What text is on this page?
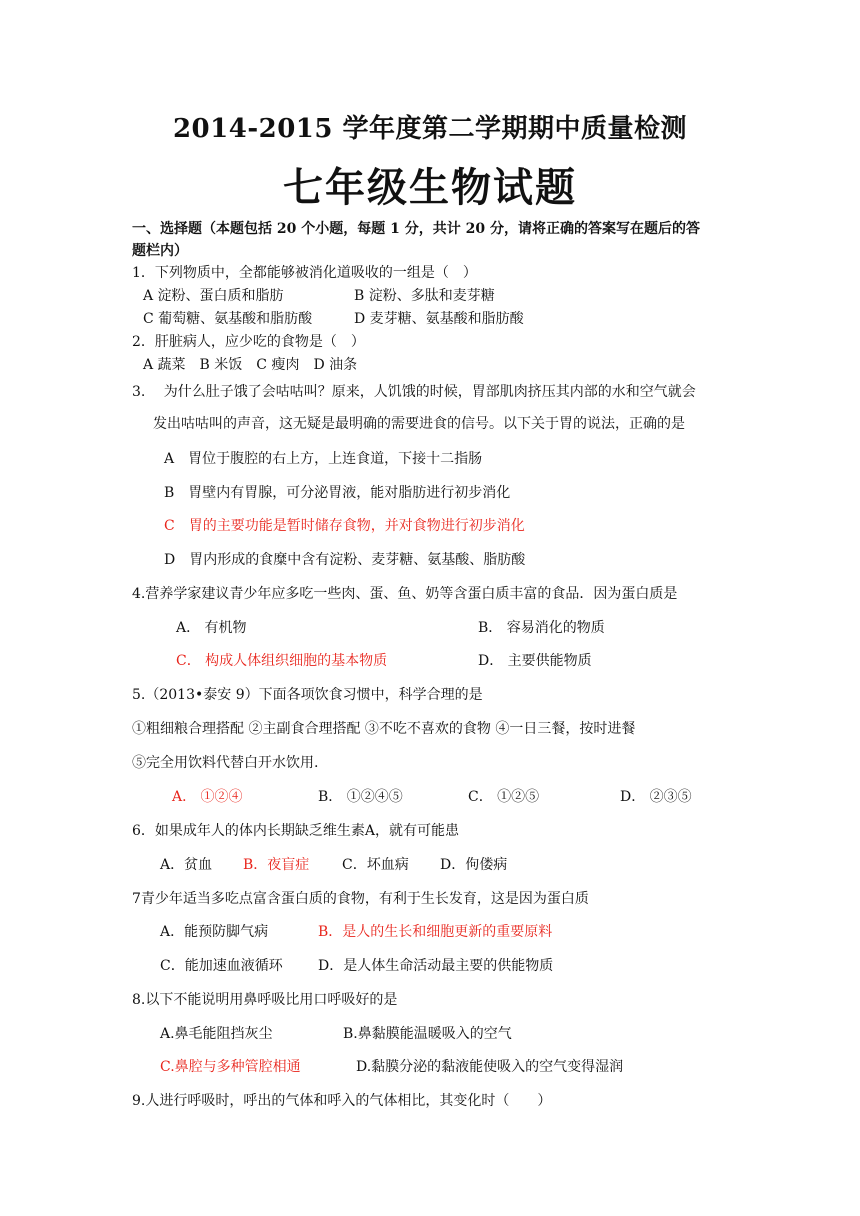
2014-2015 学年度第二学期期中质量检测
七年级生物试题
一、选择题（本题包括 20 个小题，每题 1 分，共计 20 分，请将正确的答案写在题后的答
题栏内）
1．下列物质中，全都能够被消化道吸收的一组是（　）
A 淀粉、蛋白质和脂肪	B 淀粉、多肽和麦芽糖
C 葡萄糖、氨基酸和脂肪酸	D 麦芽糖、氨基酸和脂肪酸
2．肝脏病人，应少吃的食物是（　）
A 蔬菜　B 米饭　C 瘦肉　D 油条
3.　 为什么肚子饿了会咕咕叫？原来，人饥饿的时候，胃部肌肉挤压其内部的水和空气就会
发出咕咕叫的声音，这无疑是最明确的需要进食的信号。以下关于胃的说法，正确的是
A　胃位于腹腔的右上方，上连食道，下接十二指肠
B　胃壁内有胃腺，可分泌胃液，能对脂肪进行初步消化
C　胃的主要功能是暂时储存食物，并对食物进行初步消化
D　胃内形成的食糜中含有淀粉、麦芽糖、氨基酸、脂肪酸
4.营养学家建议青少年应多吃一些肉、蛋、鱼、奶等含蛋白质丰富的食品．因为蛋白质是
A． 有机物	B． 容易消化的物质
C． 构成人体组织细胞的基本物质	D． 主要供能物质
5.（2013•泰安 9）下面各项饮食习惯中，科学合理的是
①粗细粮合理搭配 ②主副食合理搭配 ③不吃不喜欢的食物 ④一日三餐，按时进餐
⑤完全用饮料代替白开水饮用.
A． ①②④	B． ①②④⑤	C． ①②⑤	D． ②③⑤
6．如果成年人的体内长期缺乏维生素A，就有可能患
A．贫血 B．夜盲症 C．坏血病 D．佝偻病
7青少年适当多吃点富含蛋白质的食物，有利于生长发育，这是因为蛋白质
A．能预防脚气病	B．是人的生长和细胞更新的重要原料
C．能加速血液循环	D．是人体生命活动最主要的供能物质
8.以下不能说明用鼻呼吸比用口呼吸好的是
A.鼻毛能阻挡灰尘	B.鼻黏膜能温暖吸入的空气
C.鼻腔与多种管腔相通	D.黏膜分泌的黏液能使吸入的空气变得湿润
9.人进行呼吸时，呼出的气体和呼入的气体相比，其变化时（　　）
